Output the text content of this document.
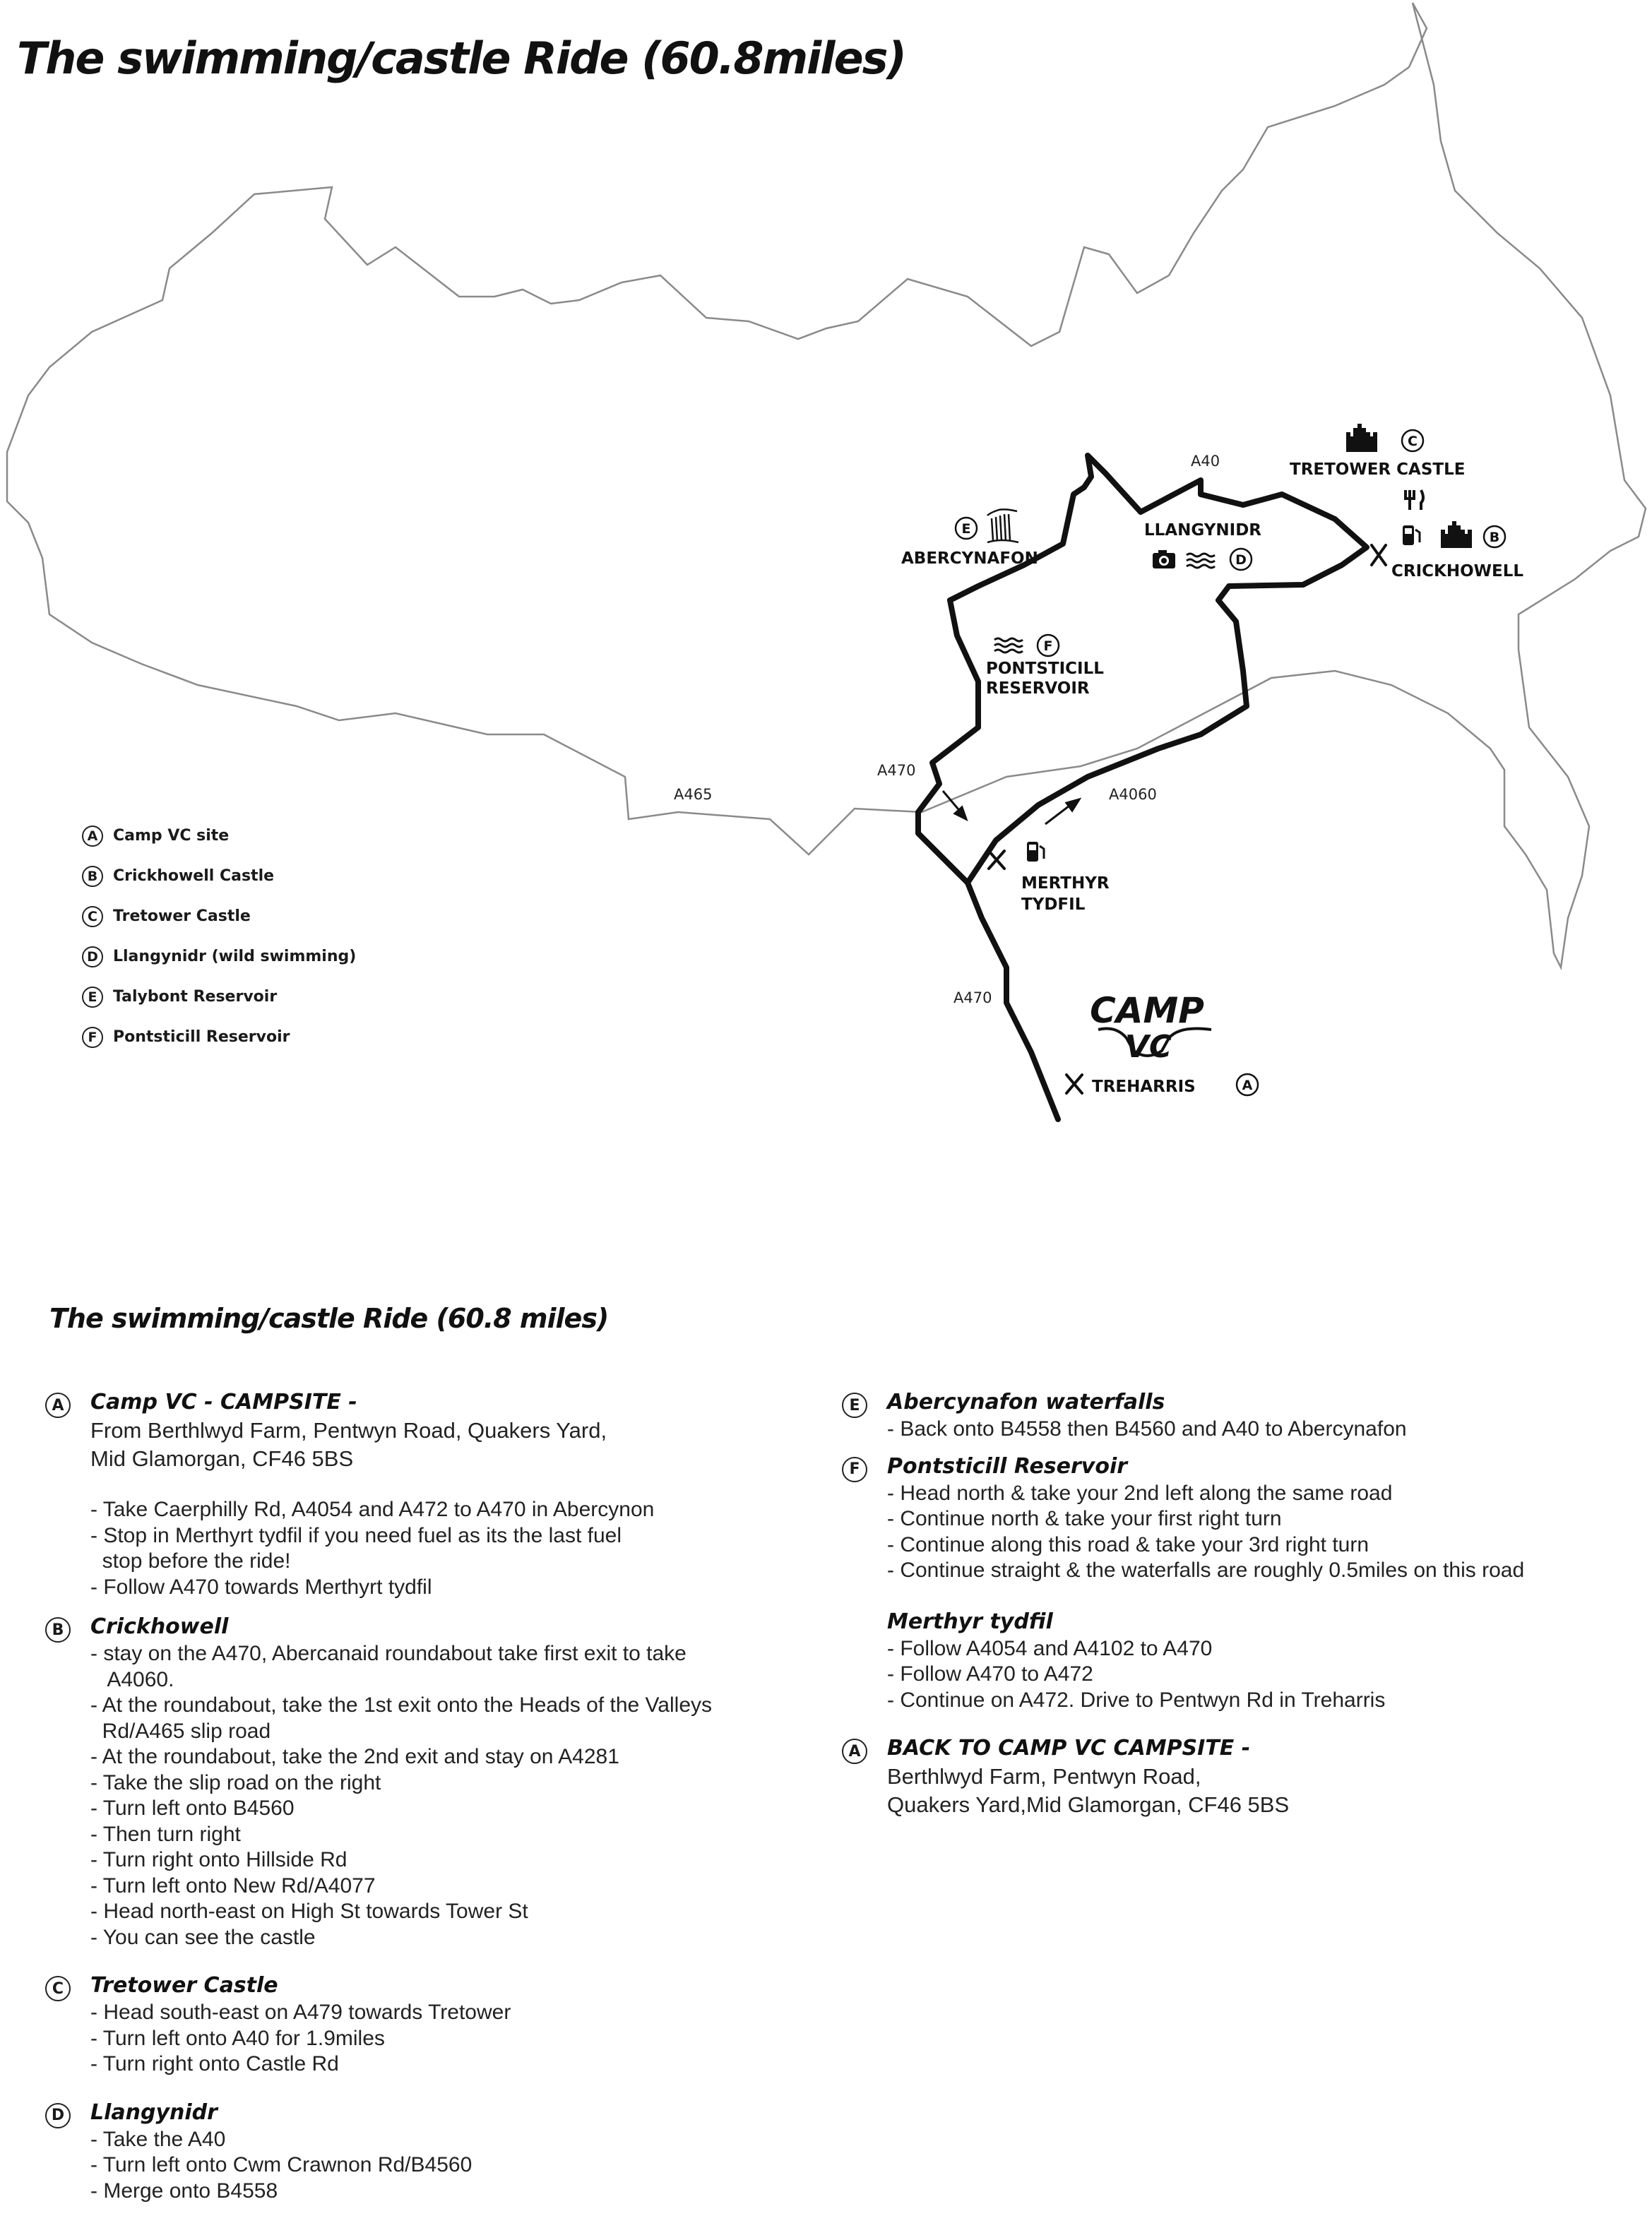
The swimming/castle Ride (60.8miles)
A40
A470
A465	A4060
A470
TRETOWER CASTLE
LLANGYNIDR
ABERCYNAFON
CRICKHOWELL
PONTSTICILL
RESERVOIR
MERTHYR
TYDFIL
TREHARRIS
C
B
D
E
F
A
CAMP
VC
A Camp VC site
B Crickhowell Castle
C	Tretower Castle
D Llangynidr (wild swimming)
E	Talybont Reservoir
F	Pontsticill Reservoir
The swimming/castle Ride (60.8 miles)
A	Camp VC - CAMPSITE -
From Berthlwyd Farm, Pentwyn Road, Quakers Yard,
Mid Glamorgan, CF46 5BS
- Take Caerphilly Rd, A4054 and A472 to A470 in Abercynon
- Stop in Merthyrt tydfil if you need fuel as its the last fuel
stop before the ride!
- Follow A470 towards Merthyrt tydfil
B	Crickhowell
- stay on the A470, Abercanaid roundabout take first exit to take
A4060.
- At the roundabout, take the 1st exit onto the Heads of the Valleys
Rd/A465 slip road
- At the roundabout, take the 2nd exit and stay on A4281
- Take the slip road on the right
- Turn left onto B4560
- Then turn right
- Turn right onto Hillside Rd
- Turn left onto New Rd/A4077
- Head north-east on High St towards Tower St
- You can see the castle
C	Tretower Castle
- Head south-east on A479 towards Tretower
- Turn left onto A40 for 1.9miles
- Turn right onto Castle Rd
D Llangynidr
- Take the A40
- Turn left onto Cwm Crawnon Rd/B4560
- Merge onto B4558
E	Abercynafon waterfalls
- Back onto B4558 then B4560 and A40 to Abercynafon
F	Pontsticill Reservoir
- Head north & take your 2nd left along the same road
- Continue north & take your first right turn
- Continue along this road & take your 3rd right turn
- Continue straight & the waterfalls are roughly 0.5miles on this road
Merthyr tydfil
- Follow A4054 and A4102 to A470
- Follow A470 to A472
- Continue on A472. Drive to Pentwyn Rd in Treharris
A	BACK TO CAMP VC CAMPSITE -
Berthlwyd Farm, Pentwyn Road,
Quakers Yard,Mid Glamorgan, CF46 5BS
